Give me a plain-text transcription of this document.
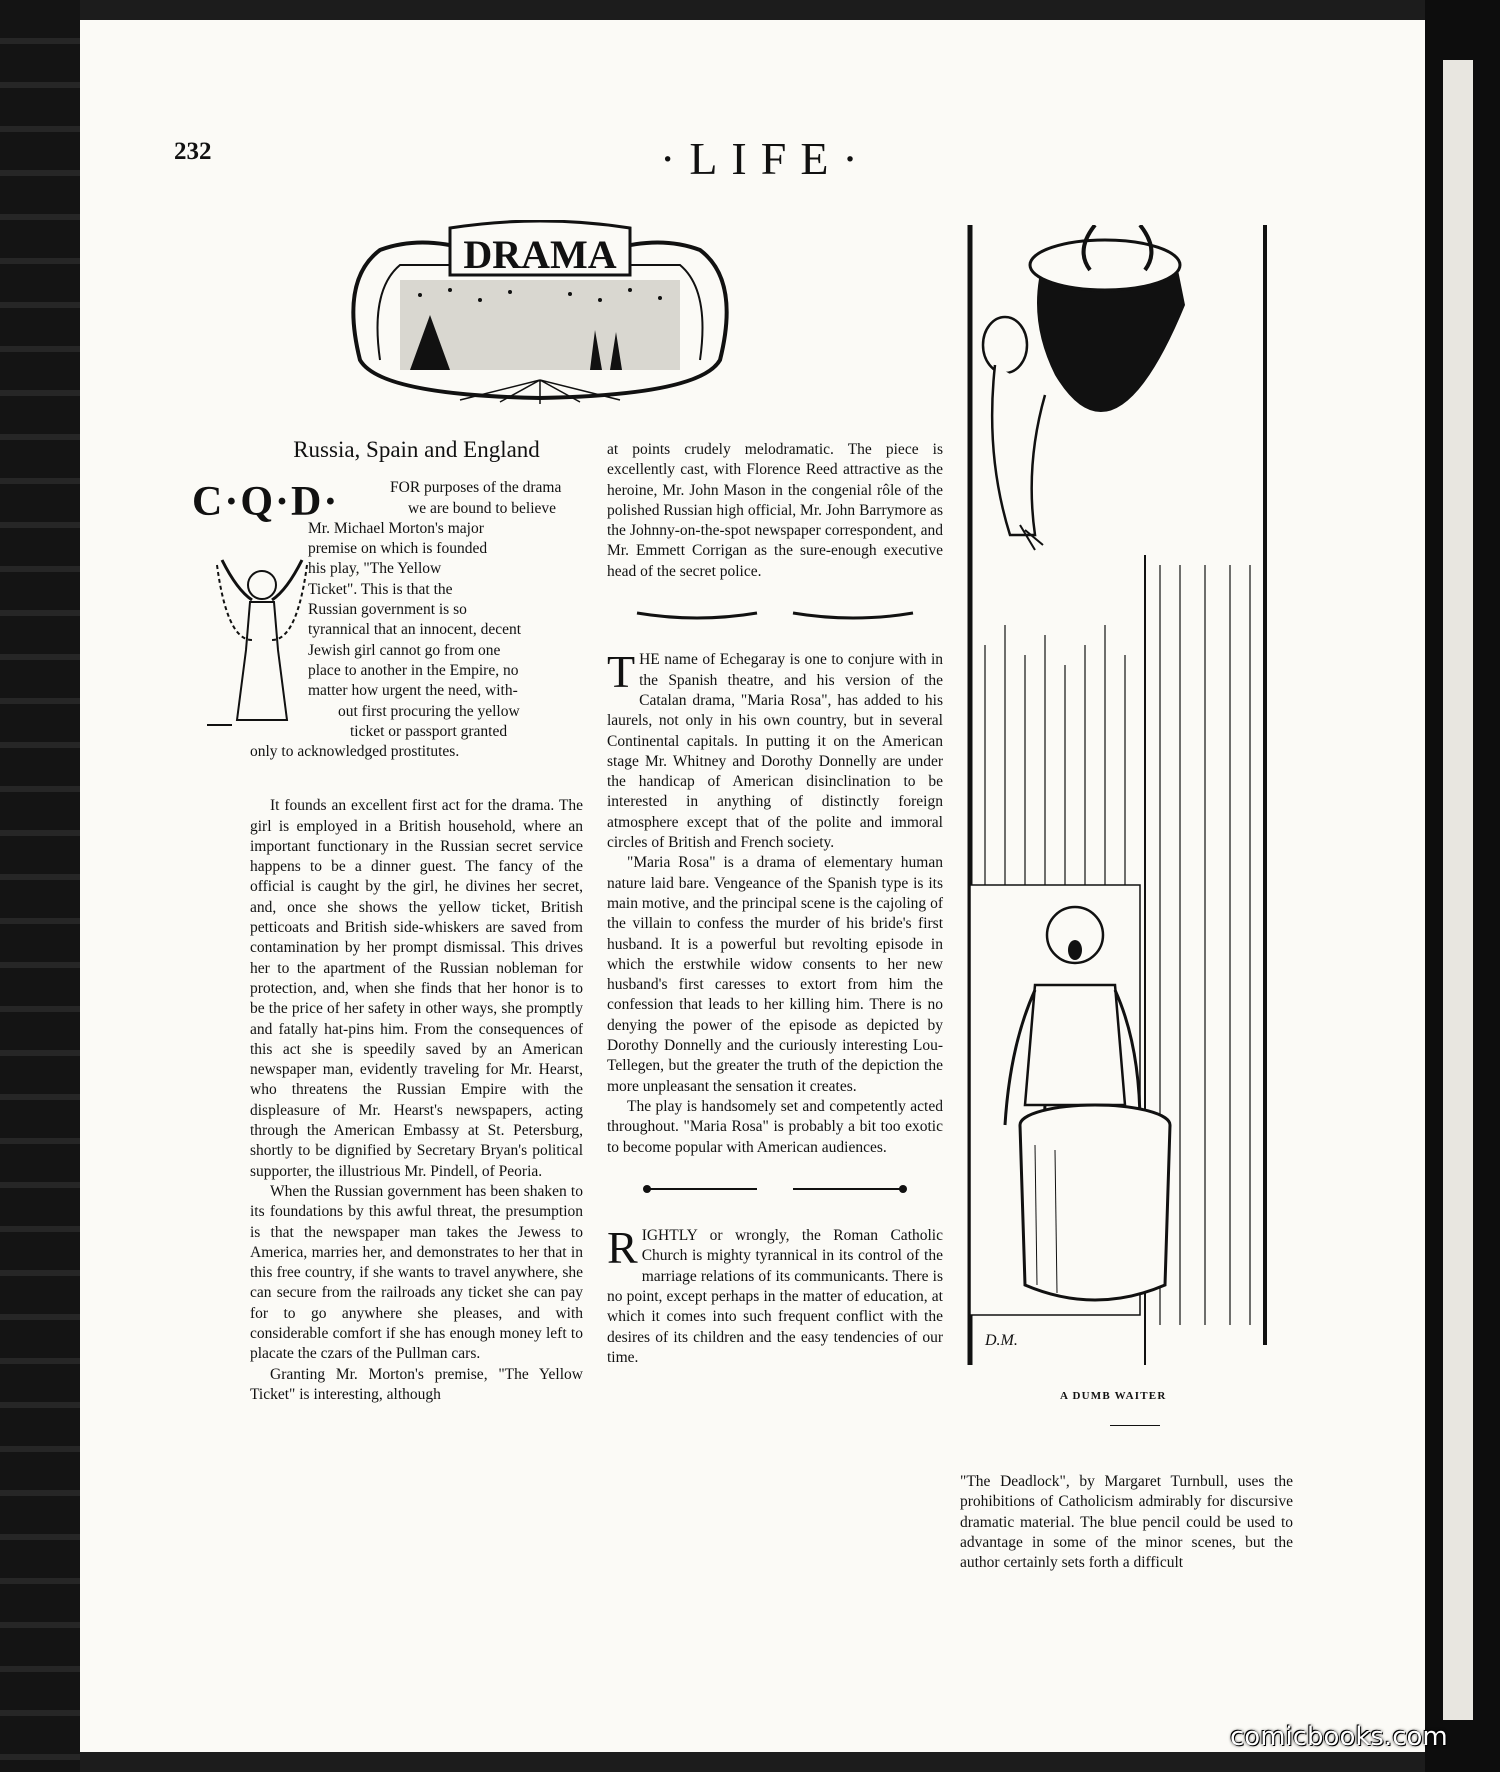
232	·LIFE·
DRAMA
Russia, Spain and England
C·Q·D·	FOR purposes of the drama
we are bound to believe
Mr. Michael Morton's major
premise on which is founded
his play, "The Yellow
Ticket". This is that the
Russian government is so
tyrannical that an innocent, decent
Jewish girl cannot go from one
place to another in the Empire, no
matter how urgent the need, with-
out first procuring the yellow
ticket or passport granted
only to acknowledged prostitutes.

It founds an excellent first act for the drama. The girl is employed in a British household, where an important functionary in the Russian secret service happens to be a dinner guest. The fancy of the official is caught by the girl, he divines her secret, and, once she shows the yellow ticket, British petticoats and British side-whiskers are saved from contamination by her prompt dismissal. This drives her to the apartment of the Russian nobleman for protection, and, when she finds that her honor is to be the price of her safety in other ways, she promptly and fatally hat-pins him. From the consequences of this act she is speedily saved by an American newspaper man, evidently traveling for Mr. Hearst, who threatens the Russian Empire with the displeasure of Mr. Hearst's newspapers, acting through the American Embassy at St. Petersburg, shortly to be dignified by Secretary Bryan's political supporter, the illustrious Mr. Pindell, of Peoria.

When the Russian government has been shaken to its foundations by this awful threat, the presumption is that the newspaper man takes the Jewess to America, marries her, and demonstrates to her that in this free country, if she wants to travel anywhere, she can secure from the railroads any ticket she can pay for to go anywhere she pleases, and with considerable comfort if she has enough money left to placate the czars of the Pullman cars.

Granting Mr. Morton's premise, "The Yellow Ticket" is interesting, although

at points crudely melodramatic. The piece is excellently cast, with Florence Reed attractive as the heroine, Mr. John Mason in the congenial rôle of the polished Russian high official, Mr. John Barrymore as the Johnny-on-the-spot newspaper correspondent, and Mr. Emmett Corrigan as the sure-enough executive head of the secret police.

THE name of Echegaray is one to conjure with in the Spanish theatre, and his version of the Catalan drama, "Maria Rosa", has added to his laurels, not only in his own country, but in several Continental capitals. In putting it on the American stage Mr. Whitney and Dorothy Donnelly are under the handicap of American disinclination to be interested in anything of distinctly foreign atmosphere except that of the polite and immoral circles of British and French society.

"Maria Rosa" is a drama of elementary human nature laid bare. Vengeance of the Spanish type is its main motive, and the principal scene is the cajoling of the villain to confess the murder of his bride's first husband. It is a powerful but revolting episode in which the erstwhile widow consents to her new husband's first caresses to extort from him the confession that leads to her killing him. There is no denying the power of the episode as depicted by Dorothy Donnelly and the curiously interesting Lou-Tellegen, but the greater the truth of the depiction the more unpleasant the sensation it creates.

The play is handsomely set and competently acted throughout. "Maria Rosa" is probably a bit too exotic to become popular with American audiences.

RIGHTLY or wrongly, the Roman Catholic Church is mighty tyrannical in its control of the marriage relations of its communicants. There is no point, except perhaps in the matter of education, at which it comes into such frequent conflict with the desires of its children and the easy tendencies of our time.

D.M.
A DUMB WAITER

"The Deadlock", by Margaret Turnbull, uses the prohibitions of Catholicism admirably for discursive dramatic material. The blue pencil could be used to advantage in some of the minor scenes, but the author certainly sets forth a difficult

comicbooks.com
